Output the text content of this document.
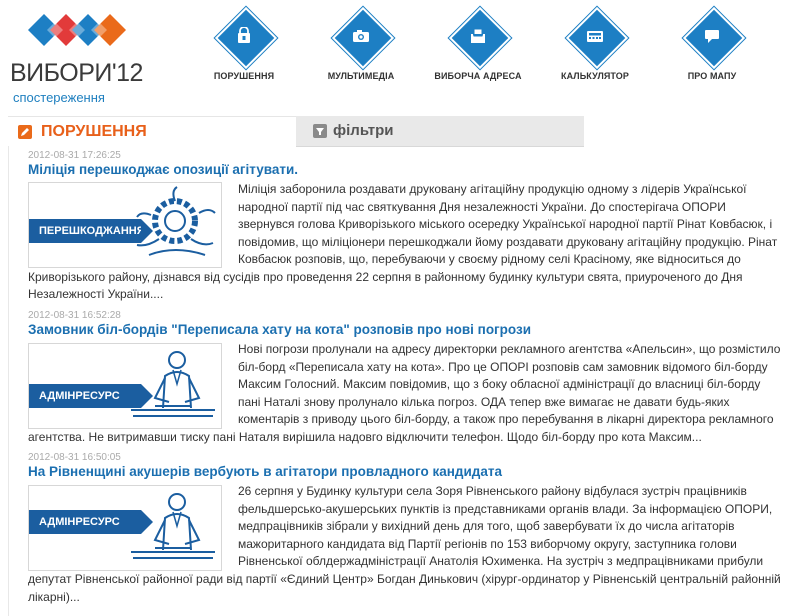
ВИБОРИ'12
спостереження
ПОРУШЕННЯ	МУЛЬТИМЕДІА	ВИБОРЧА АДРЕСА	КАЛЬКУЛЯТОР	ПРО МАПУ
ПОРУШЕННЯ	фільтри
2012-08-31 17:26:25
Міліція перешкоджає опозиції агітувати.
ПЕРЕШКОДЖАННЯ
Міліція заборонила роздавати друковану агітаційну продукцію одному з лідерів Української
народної партії під час святкування Дня незалежності України. До спостерігача ОПОРИ
звернувся голова Криворізького міського осередку Української народної партії Рінат Ковбасюк, і
повідомив, що міліціонери перешкоджали йому роздавати друковану агітаційну продукцію. Рінат
Ковбасюк розповів, що, перебуваючи у своєму рідному селі Красіному, яке відноситься до
Криворізького району, дізнався від сусідів про проведення 22 серпня в районному будинку культури свята, приуроченого до Дня
Незалежності України....
2012-08-31 16:52:28
Замовник біл-бордів "Переписала хату на кота" розповів про нові погрози
АДМІНРЕСУРС
Нові погрози пролунали на адресу директорки рекламного агентства «Апельсин», що розмістило
біл-борд «Переписала хату на кота». Про це ОПОРІ розповів сам замовник відомого біл-борду
Максим Голосний. Максим повідомив, що з боку обласної адміністрації до власниці біл-борду
пані Наталі знову пролунало кілька погроз. ОДА тепер вже вимагає не давати будь-яких
коментарів з приводу цього біл-борду, а також про перебування в лікарні директора рекламного
агентства. Не витримавши тиску пані Наталя вирішила надовго відключити телефон. Щодо біл-борду про кота Максим...
2012-08-31 16:50:05
На Рівненщині акушерів вербують в агітатори провладного кандидата
АДМІНРЕСУРС
26 серпня у Будинку культури села Зоря Рівненського району відбулася зустріч працівників
фельдшерсько-акушерських пунктів із представниками органів влади. За інформацією ОПОРИ,
медпрацівників зібрали у вихідний день для того, щоб завербувати їх до числа агітаторів
мажоритарного кандидата від Партії регіонів по 153 виборчому округу, заступника голови
Рівненської облдержадміністрації Анатолія Юхименка. На зустріч з медпрацівниками прибули
депутат Рівненської районної ради від партії «Єдиний Центр» Богдан Динькович (хірург-ординатор у Рівненській центральній районній
лікарні)...
